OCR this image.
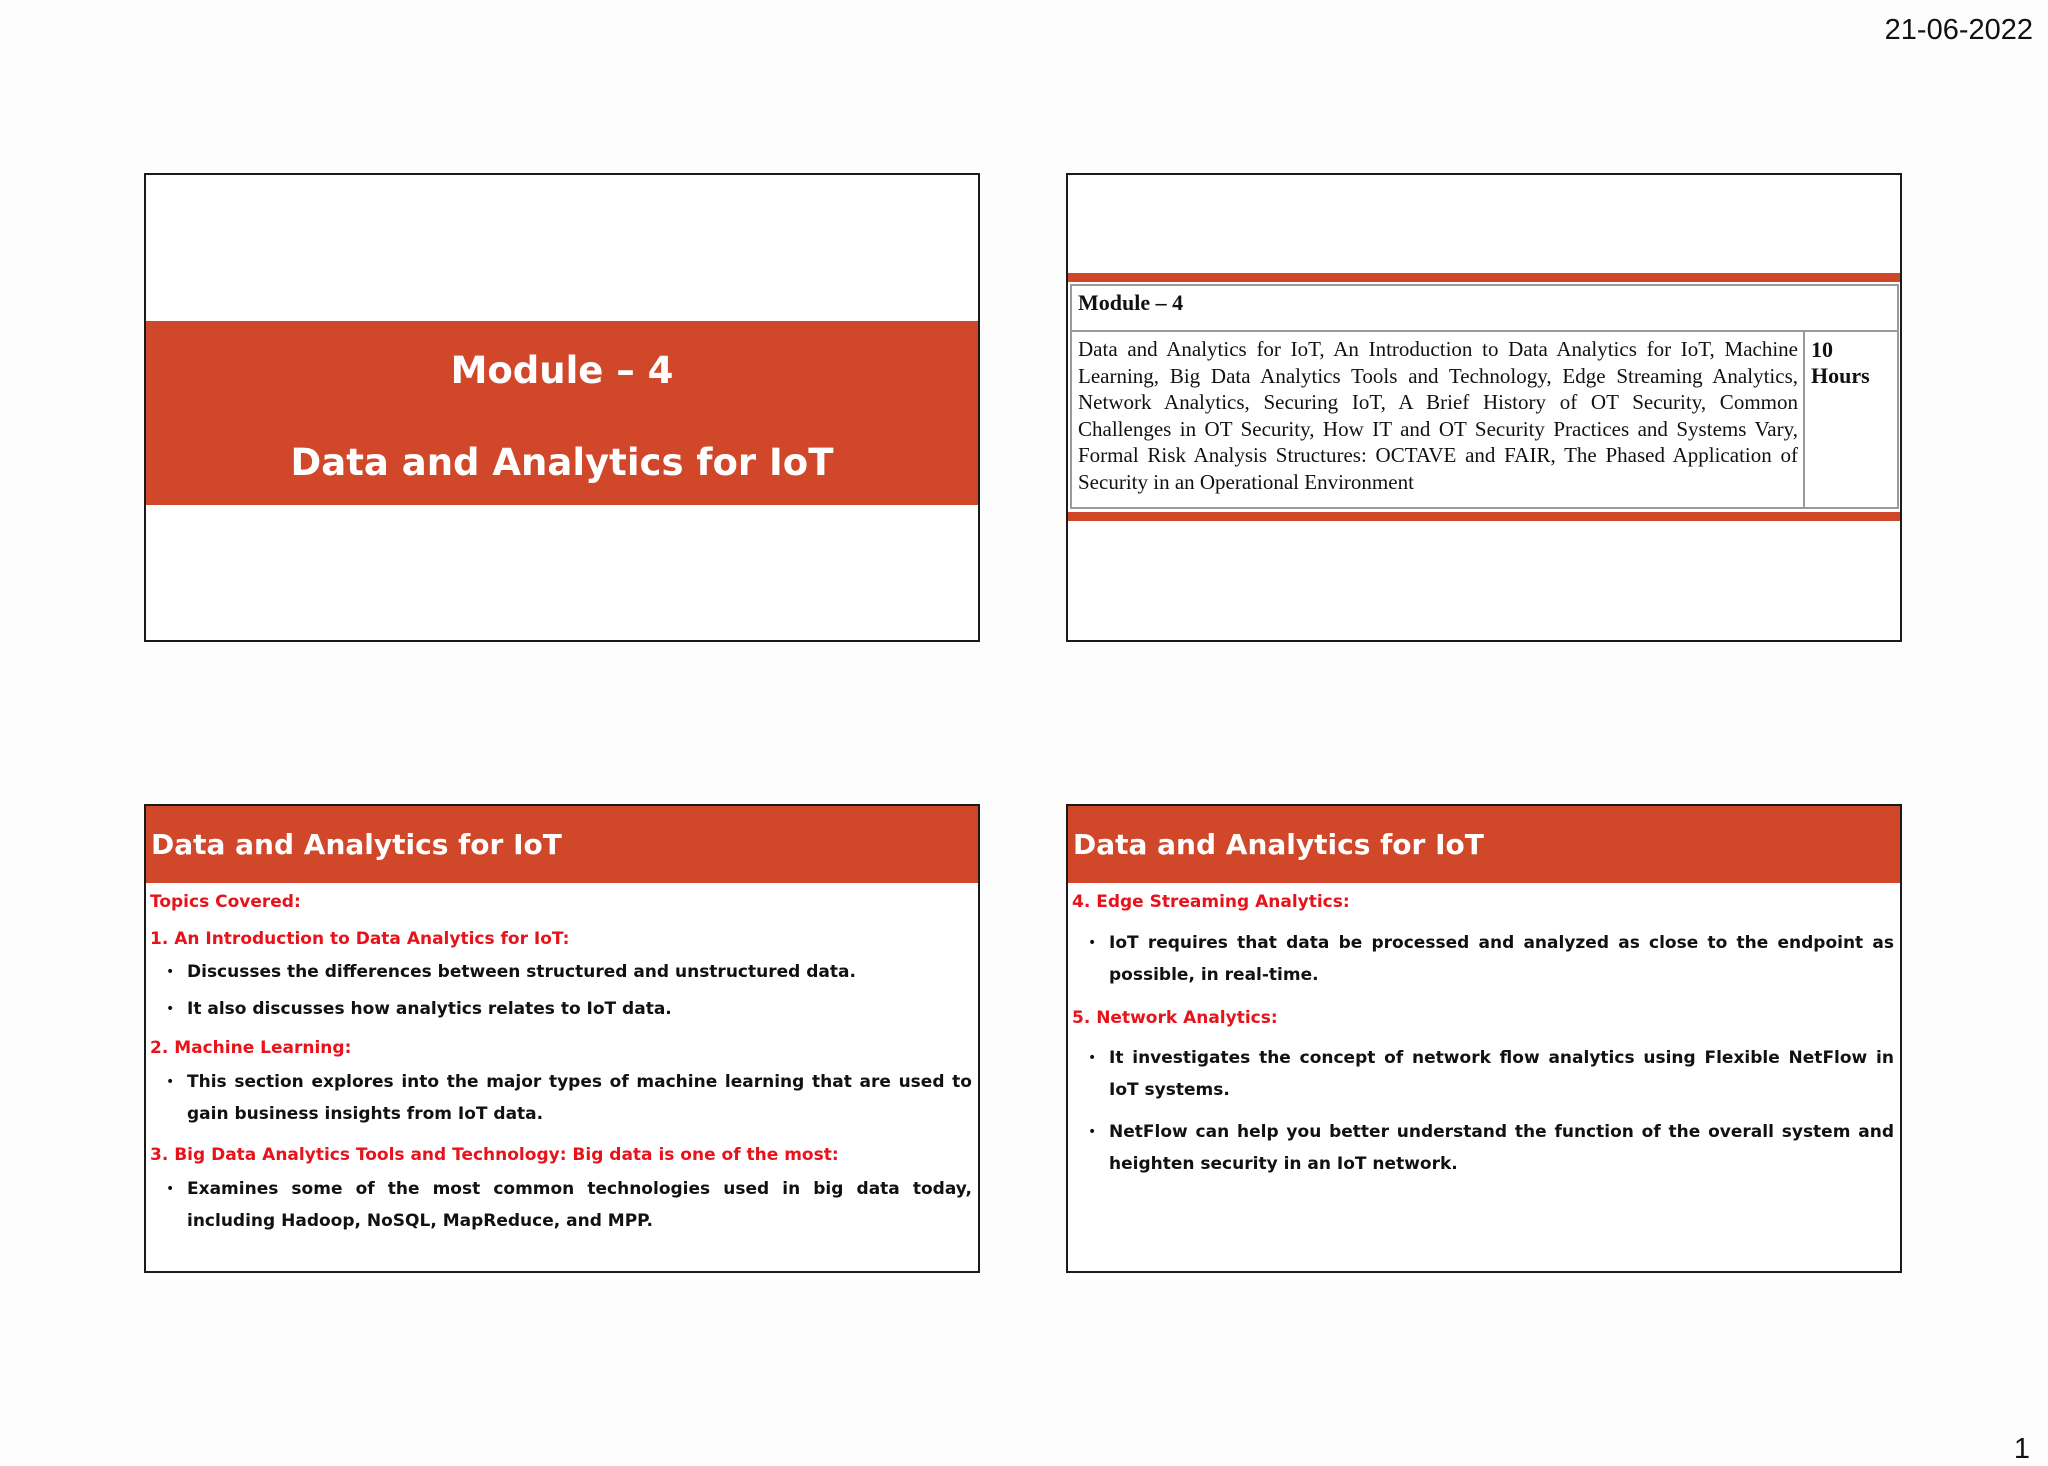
21-06-2022
Module – 4
Data and Analytics for IoT
Module – 4
Data and Analytics for IoT, An Introduction to Data Analytics for IoT, Machine Learning, Big Data Analytics Tools and Technology, Edge Streaming Analytics, Network Analytics, Securing IoT, A Brief History of OT Security, Common Challenges in OT Security, How IT and OT Security Practices and Systems Vary, Formal Risk Analysis Structures: OCTAVE and FAIR, The Phased Application of Security in an Operational Environment
10 Hours
Data and Analytics for IoT
Topics Covered:
1. An Introduction to Data Analytics for IoT:
• Discusses the differences between structured and unstructured data.
• It also discusses how analytics relates to IoT data.
2. Machine Learning:
• This section explores into the major types of machine learning that are used to gain business insights from IoT data.
3. Big Data Analytics Tools and Technology: Big data is one of the most:
• Examines some of the most common technologies used in big data today, including Hadoop, NoSQL, MapReduce, and MPP.
Data and Analytics for IoT
4. Edge Streaming Analytics:
• IoT requires that data be processed and analyzed as close to the endpoint as possible, in real-time.
5. Network Analytics:
• It investigates the concept of network flow analytics using Flexible NetFlow in IoT systems.
• NetFlow can help you better understand the function of the overall system and heighten security in an IoT network.
1
